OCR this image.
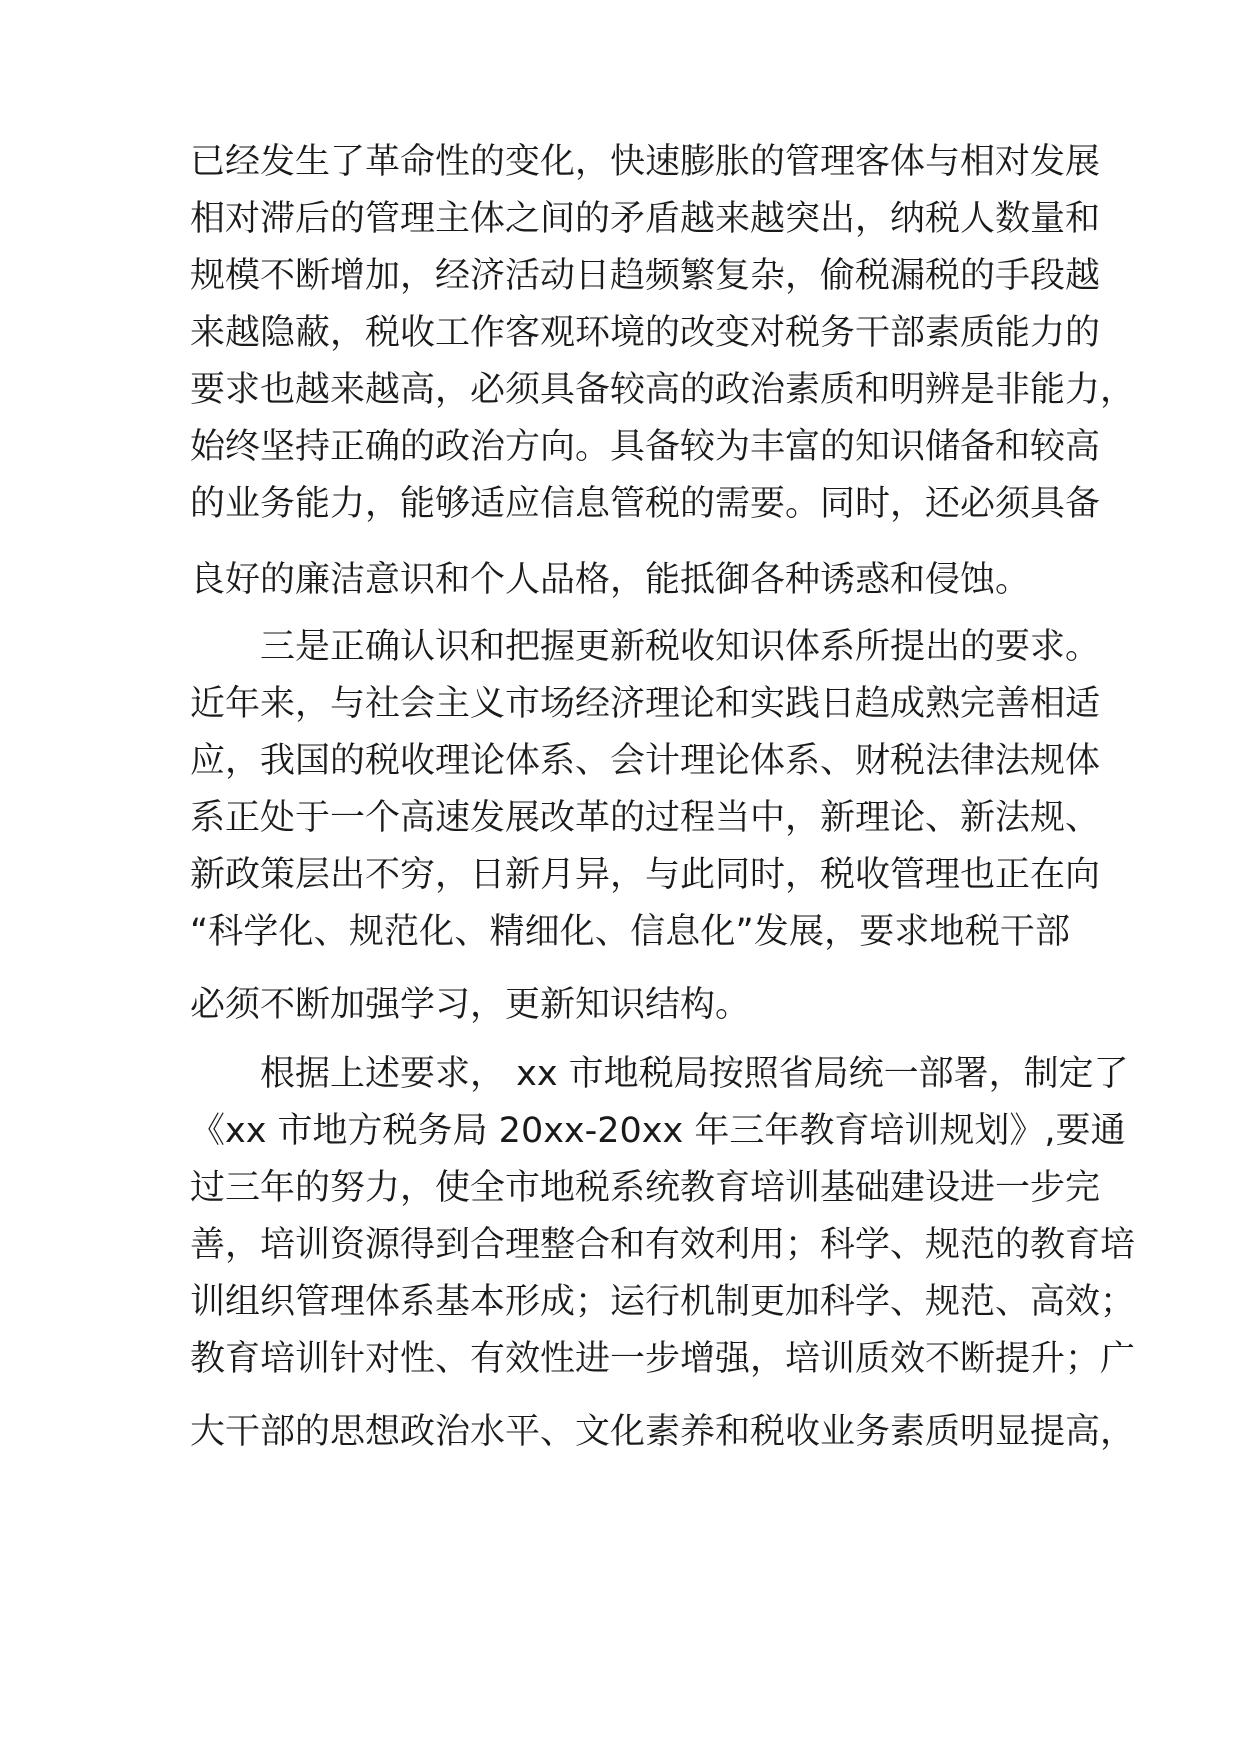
已经发生了革命性的变化，快速膨胀的管理客体与相对发展
相对滞后的管理主体之间的矛盾越来越突出，纳税人数量和
规模不断增加，经济活动日趋频繁复杂，偷税漏税的手段越
来越隐蔽，税收工作客观环境的改变对税务干部素质能力的
要求也越来越高，必须具备较高的政治素质和明辨是非能力，
始终坚持正确的政治方向。具备较为丰富的知识储备和较高
的业务能力，能够适应信息管税的需要。同时，还必须具备
良好的廉洁意识和个人品格，能抵御各种诱惑和侵蚀。
三是正确认识和把握更新税收知识体系所提出的要求。
近年来，与社会主义市场经济理论和实践日趋成熟完善相适
应，我国的税收理论体系、会计理论体系、财税法律法规体
系正处于一个高速发展改革的过程当中，新理论、新法规、
新政策层出不穷，日新月异，与此同时，税收管理也正在向
“科学化、规范化、精细化、信息化”发展，要求地税干部
必须不断加强学习，更新知识结构。
根据上述要求， xx 市地税局按照省局统一部署，制定了
《xx 市地方税务局 20xx-20xx 年三年教育培训规划》,要通
过三年的努力，使全市地税系统教育培训基础建设进一步完
善，培训资源得到合理整合和有效利用；科学、规范的教育培
训组织管理体系基本形成；运行机制更加科学、规范、高效；
教育培训针对性、有效性进一步增强，培训质效不断提升；广
大干部的思想政治水平、文化素养和税收业务素质明显提高，
